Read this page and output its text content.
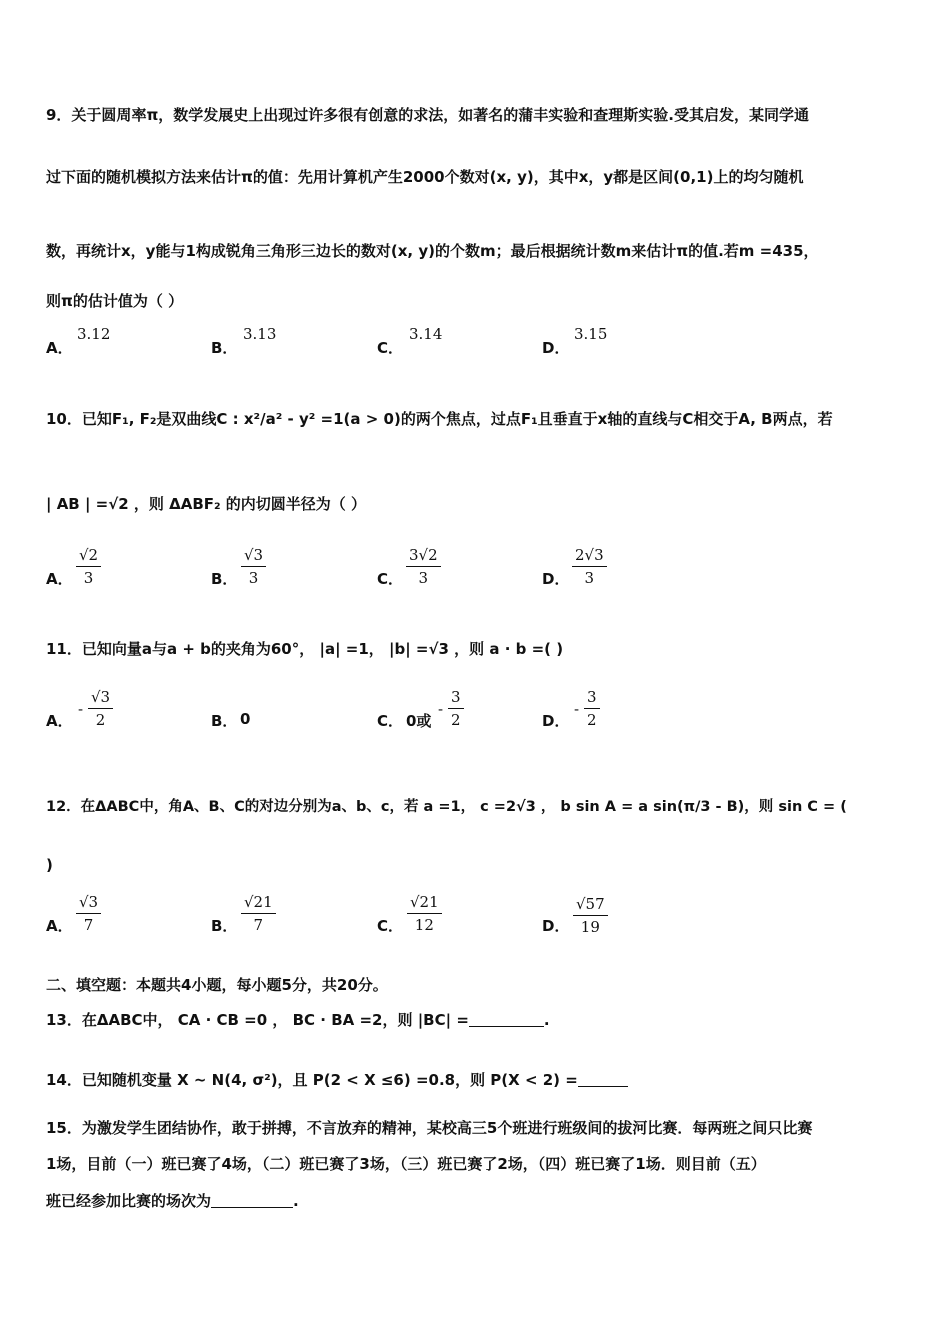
9．关于圆周率π，数学发展史上出现过许多很有创意的求法，如著名的蒲丰实验和查理斯实验.受其启发，某同学通
过下面的随机模拟方法来估计π的值：先用计算机产生2000个数对(x, y)，其中x，y都是区间(0,1)上的均匀随机
数，再统计x，y能与1构成锐角三角形三边长的数对(x, y)的个数m；最后根据统计数m来估计π的值.若m =435，
则π的估计值为（ ）
A．
3.12
B．
3.13
C．
3.14
D．
3.15
10．已知F₁, F₂是双曲线C : x²/a² - y² =1(a > 0)的两个焦点，过点F₁且垂直于x轴的直线与C相交于A, B两点，若
| AB | =√2 ，则 ΔABF₂ 的内切圆半径为（ ）
A． $\frac{√2}{3}$	B． $\frac{√3}{3}$	C． $\frac{3√2}{3}$	D． $\frac{2√3}{3}$
11．已知向量a与a + b的夹角为60°， |a| =1， |b| =√3 ，则 a · b =( )
A．
- $\frac{√3}{2}$	B． 0	C． 0或
- $\frac{3}{2}$	D．
- $\frac{3}{2}$
12．在ΔABC中，角A、B、C的对边分别为a、b、c，若 a =1， c =2√3 ， b sin A = a sin(π/3 - B)，则 sin C = (
)
A． $\frac{√3}{7}$	B． $\frac{√21}{7}$	C． $\frac{√21}{12}$	D． $\frac{√57}{19}$
二、填空题：本题共4小题，每小题5分，共20分。
13．在ΔABC中， CA · CB =0 ， BC · BA =2，则 |BC| =	.
14．已知随机变量 X ~ N(4, σ²)，且 P(2 < X ≤6) =0.8，则 P(X < 2) =
15．为激发学生团结协作，敢于拼搏，不言放弃的精神，某校高三5个班进行班级间的拔河比赛．每两班之间只比赛
1场，目前（一）班已赛了4场，（二）班已赛了3场，（三）班已赛了2场，（四）班已赛了1场．则目前（五）
班已经参加比赛的场次为	.
